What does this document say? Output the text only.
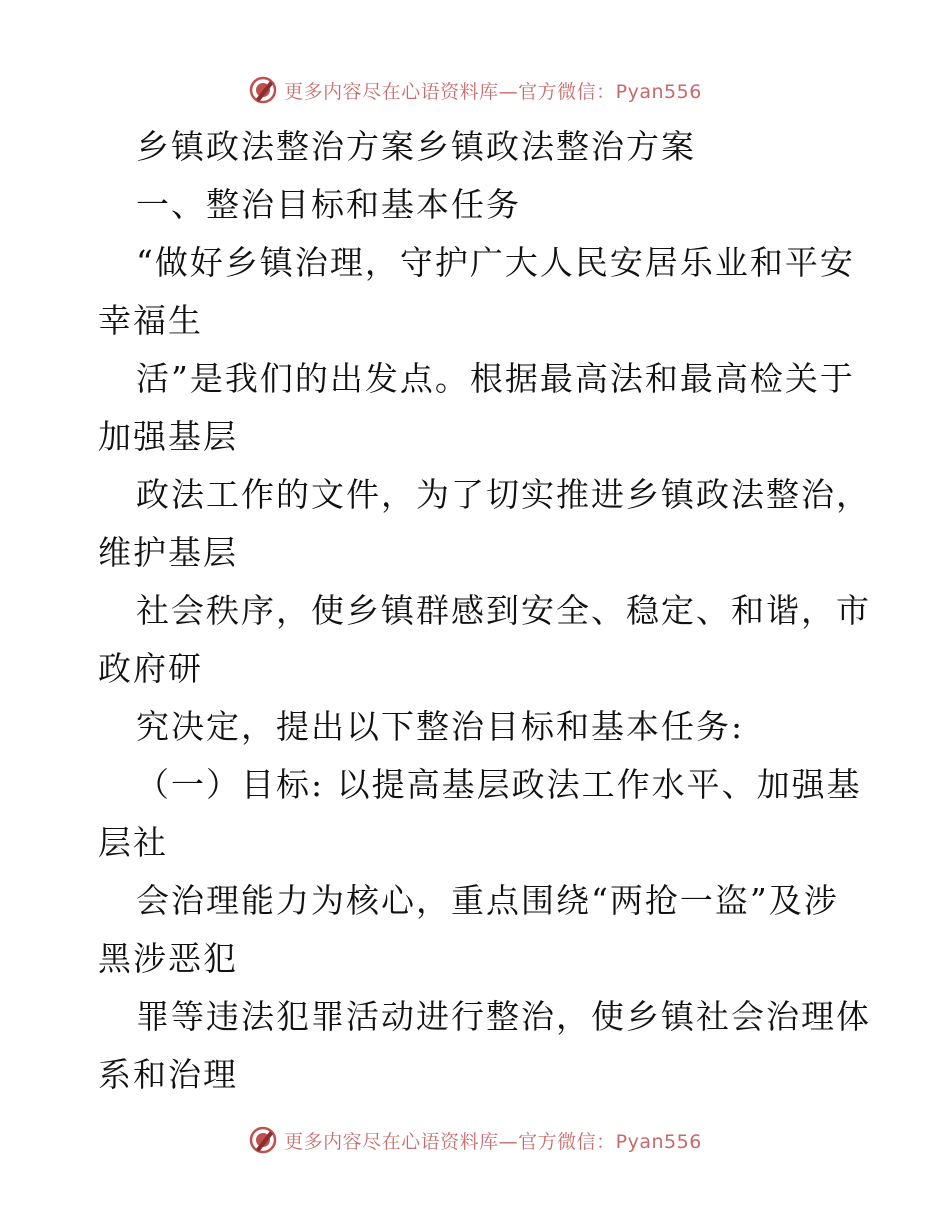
更多内容尽在心语资料库—官方微信：Pyan556
乡镇政法整治方案乡镇政法整治方案
一、整治目标和基本任务
“做好乡镇治理，守护广大人民安居乐业和平安
幸福生
活”是我们的出发点。根据最高法和最高检关于
加强基层
政法工作的文件，为了切实推进乡镇政法整治，
维护基层
社会秩序，使乡镇群感到安全、稳定、和谐，市
政府研
究决定，提出以下整治目标和基本任务:
（一）目标: 以提高基层政法工作水平、加强基
层社
会治理能力为核心，重点围绕“两抢一盗”及涉
黑涉恶犯
罪等违法犯罪活动进行整治，使乡镇社会治理体
系和治理
更多内容尽在心语资料库—官方微信：Pyan556
